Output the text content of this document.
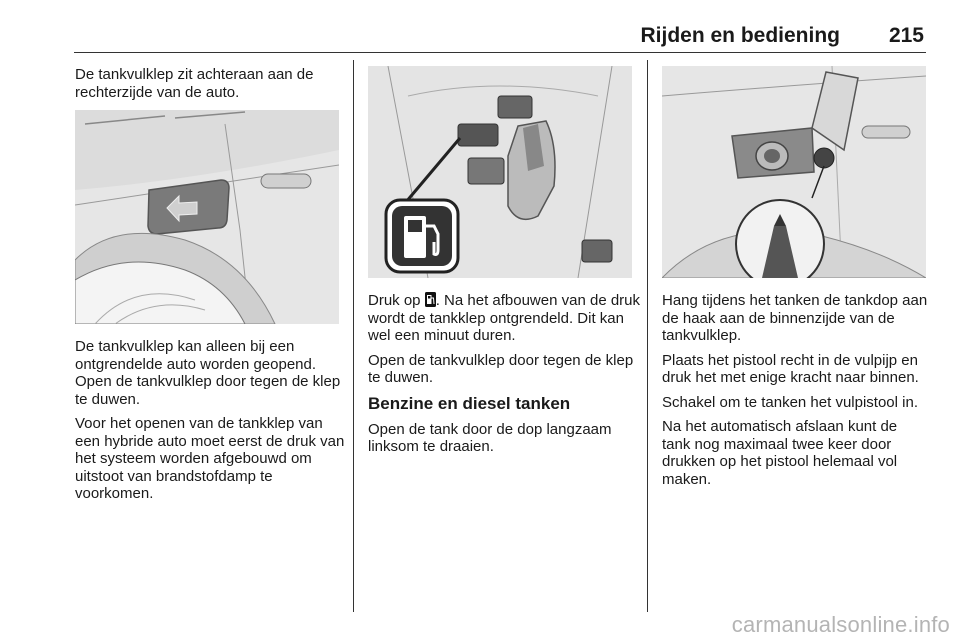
Rijden en bediening	215

De tankvulklep zit achteraan aan de rechterzijde van de auto.

De tankvulklep kan alleen bij een ontgrendelde auto worden geopend. Open de tankvulklep door tegen de klep te duwen.

Voor het openen van de tankklep van een hybride auto moet eerst de druk van het systeem worden afgebouwd om uitstoot van brandstofdamp te voorkomen.

Druk op . Na het afbouwen van de druk wordt de tankklep ontgrendeld. Dit kan wel een minuut duren.

Open de tankvulklep door tegen de klep te duwen.

Benzine en diesel tanken

Open de tank door de dop langzaam linksom te draaien.

Hang tijdens het tanken de tankdop aan de haak aan de binnenzijde van de tankvulklep.

Plaats het pistool recht in de vulpijp en druk het met enige kracht naar binnen.

Schakel om te tanken het vulpistool in.

Na het automatisch afslaan kunt de tank nog maximaal twee keer door drukken op het pistool helemaal vol maken.

carmanualsonline.info
